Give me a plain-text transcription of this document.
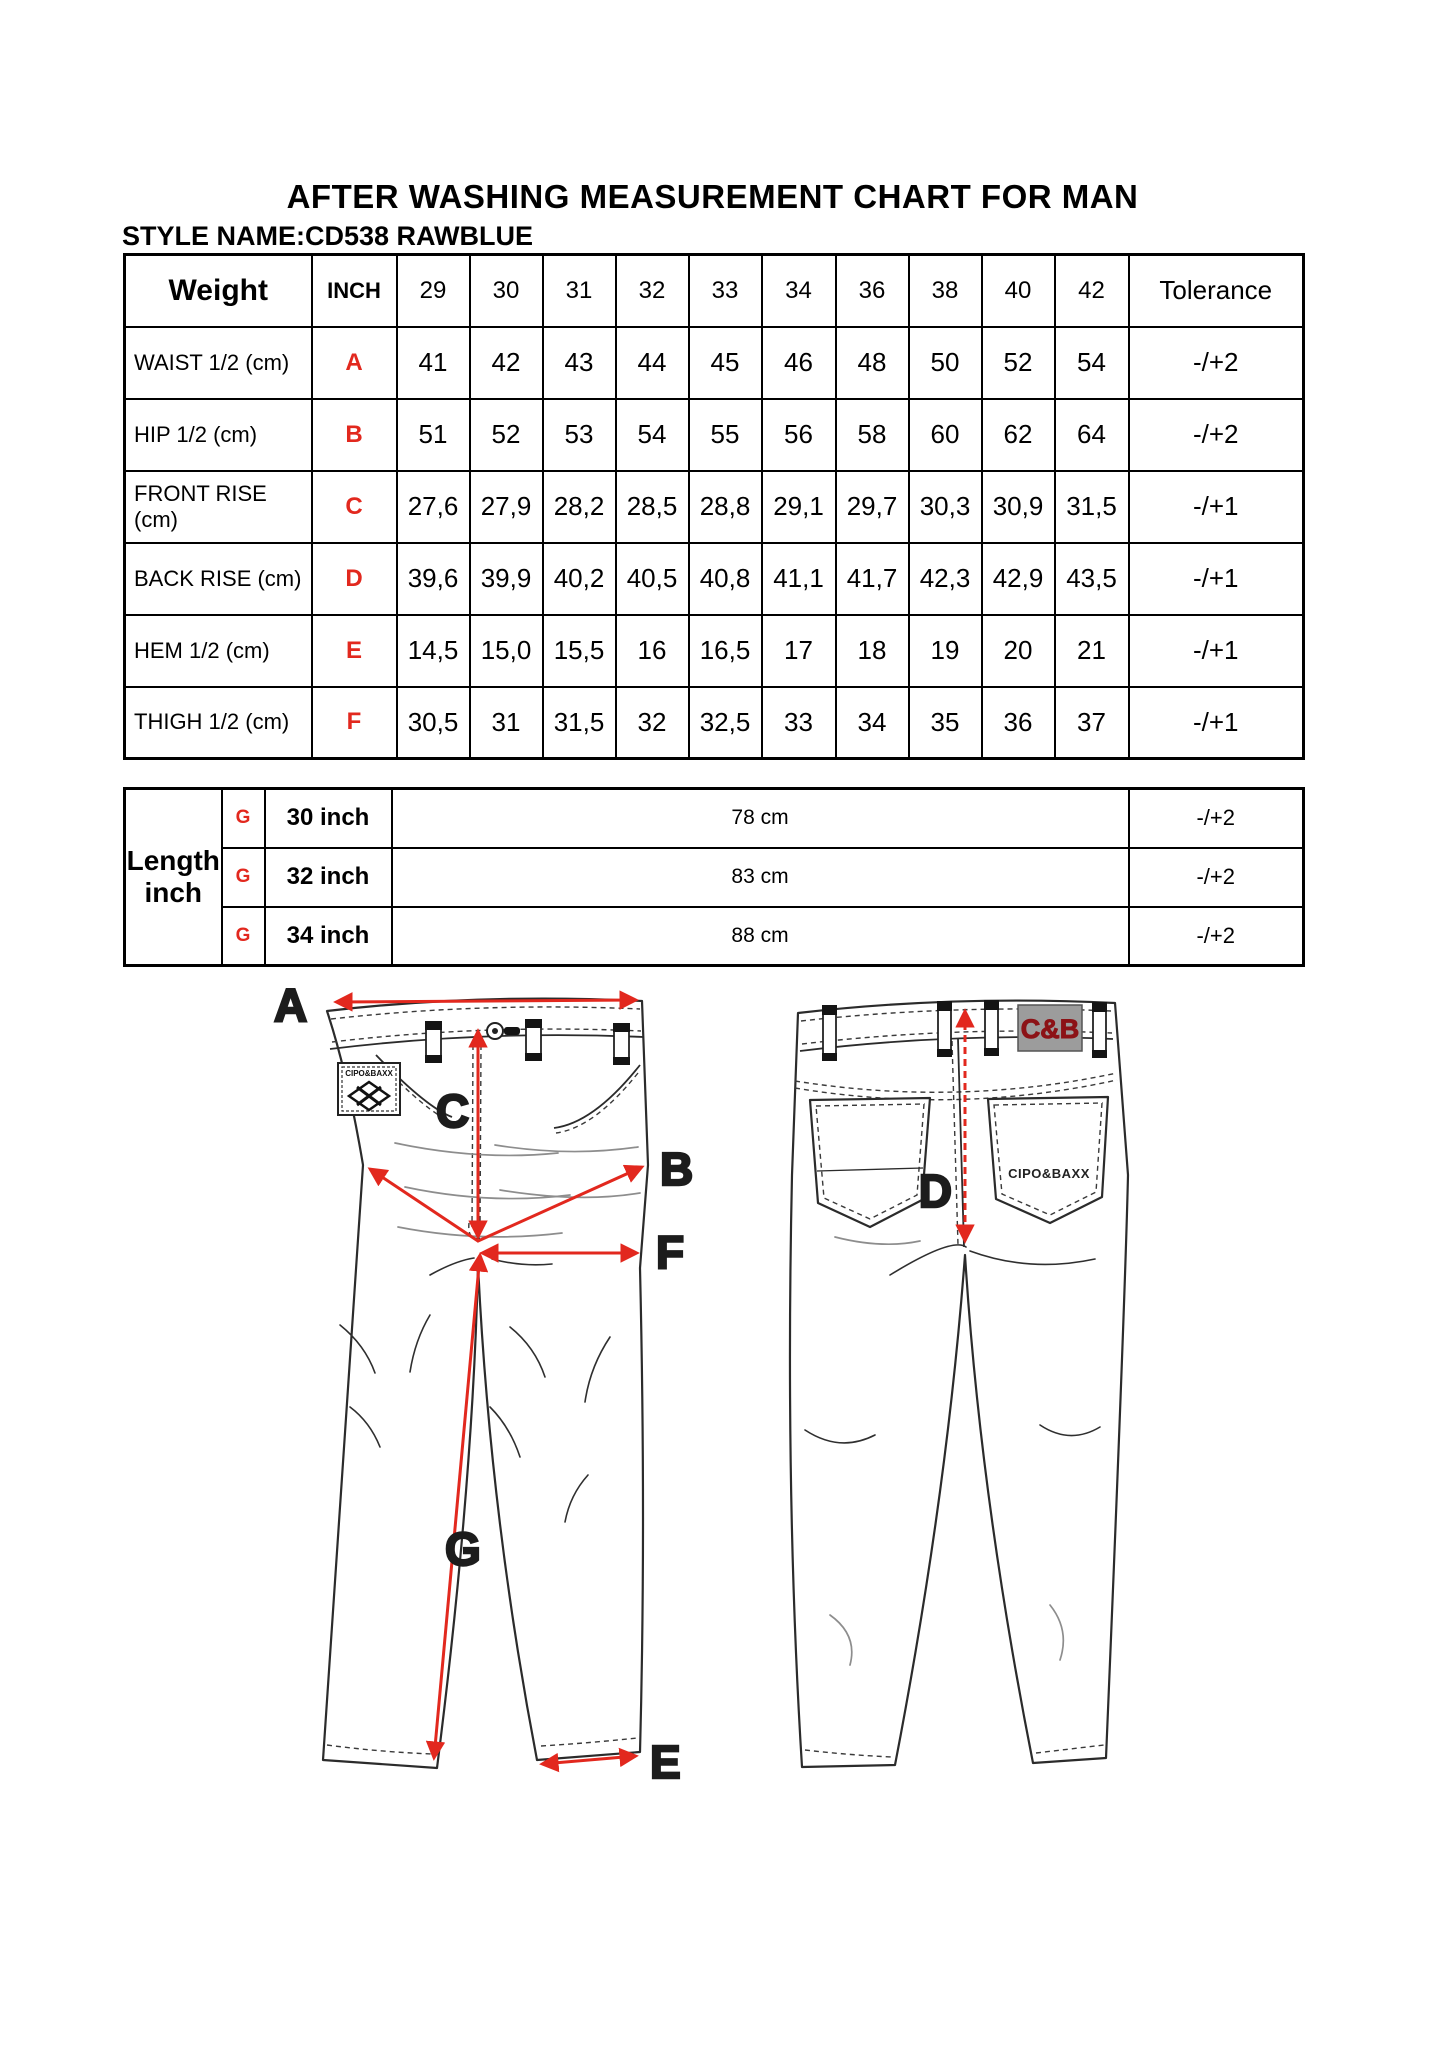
AFTER WASHING MEASUREMENT CHART FOR MAN
STYLE NAME:CD538 RAWBLUE
Weight	INCH	29	30	31	32	33	34	36	38	40	42	Tolerance
WAIST 1/2 (cm)	A	41	42	43	44	45	46	48	50	52	54	-/+2
HIP 1/2 (cm)	B	51	52	53	54	55	56	58	60	62	64	-/+2
FRONT RISE (cm)	C	27,6	27,9	28,2	28,5	28,8	29,1	29,7	30,3	30,9	31,5	-/+1
BACK RISE (cm)	D	39,6	39,9	40,2	40,5	40,8	41,1	41,7	42,3	42,9	43,5	-/+1
HEM 1/2 (cm)	E	14,5	15,0	15,5	16	16,5	17	18	19	20	21	-/+1
THIGH 1/2 (cm)	F	30,5	31	31,5	32	32,5	33	34	35	36	37	-/+1
Length inch	G	30 inch	78 cm	-/+2
	G	32 inch	83 cm	-/+2
	G	34 inch	88 cm	-/+2
CIPO&BAXX
A
C
B
F
G
E
C&B
CIPO&BAXX
D
